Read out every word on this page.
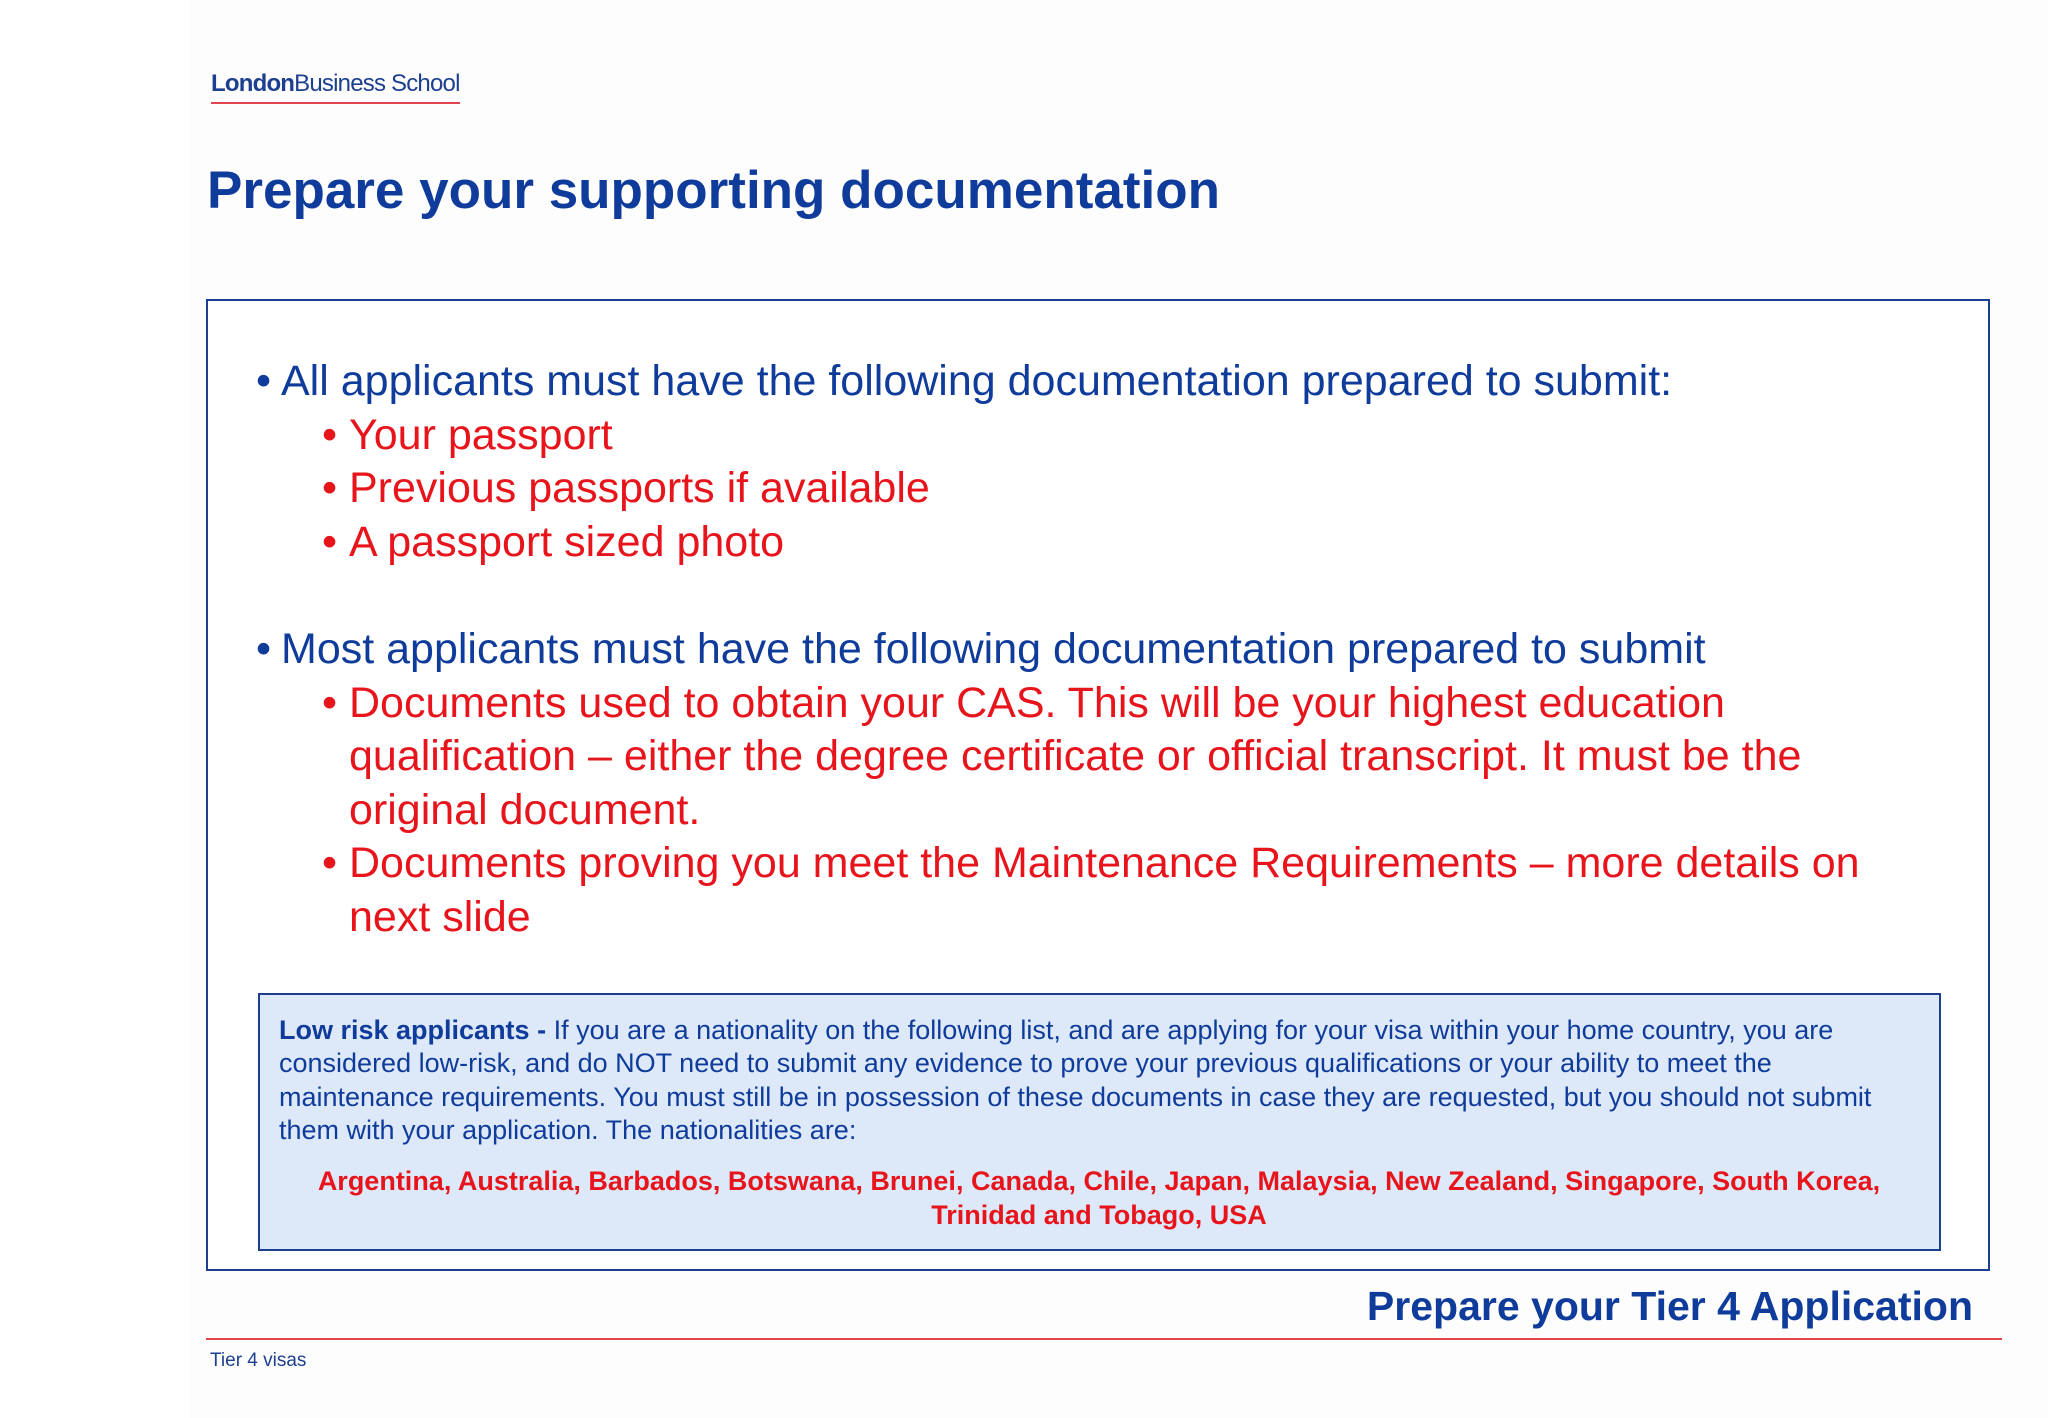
LondonBusiness School
Prepare your supporting documentation
• All applicants must have the following documentation prepared to submit:
• Your passport
• Previous passports if available
• A passport sized photo
• Most applicants must have the following documentation prepared to submit
• Documents used to obtain your CAS. This will be your highest education qualification – either the degree certificate or official transcript. It must be the original document.
• Documents proving you meet the Maintenance Requirements – more details on next slide
Low risk applicants - If you are a nationality on the following list, and are applying for your visa within your home country, you are considered low-risk, and do NOT need to submit any evidence to prove your previous qualifications or your ability to meet the maintenance requirements. You must still be in possession of these documents in case they are requested, but you should not submit them with your application. The nationalities are:
Argentina, Australia, Barbados, Botswana, Brunei, Canada, Chile, Japan, Malaysia, New Zealand, Singapore, South Korea,
Trinidad and Tobago, USA
Prepare your Tier 4 Application
Tier 4 visas
